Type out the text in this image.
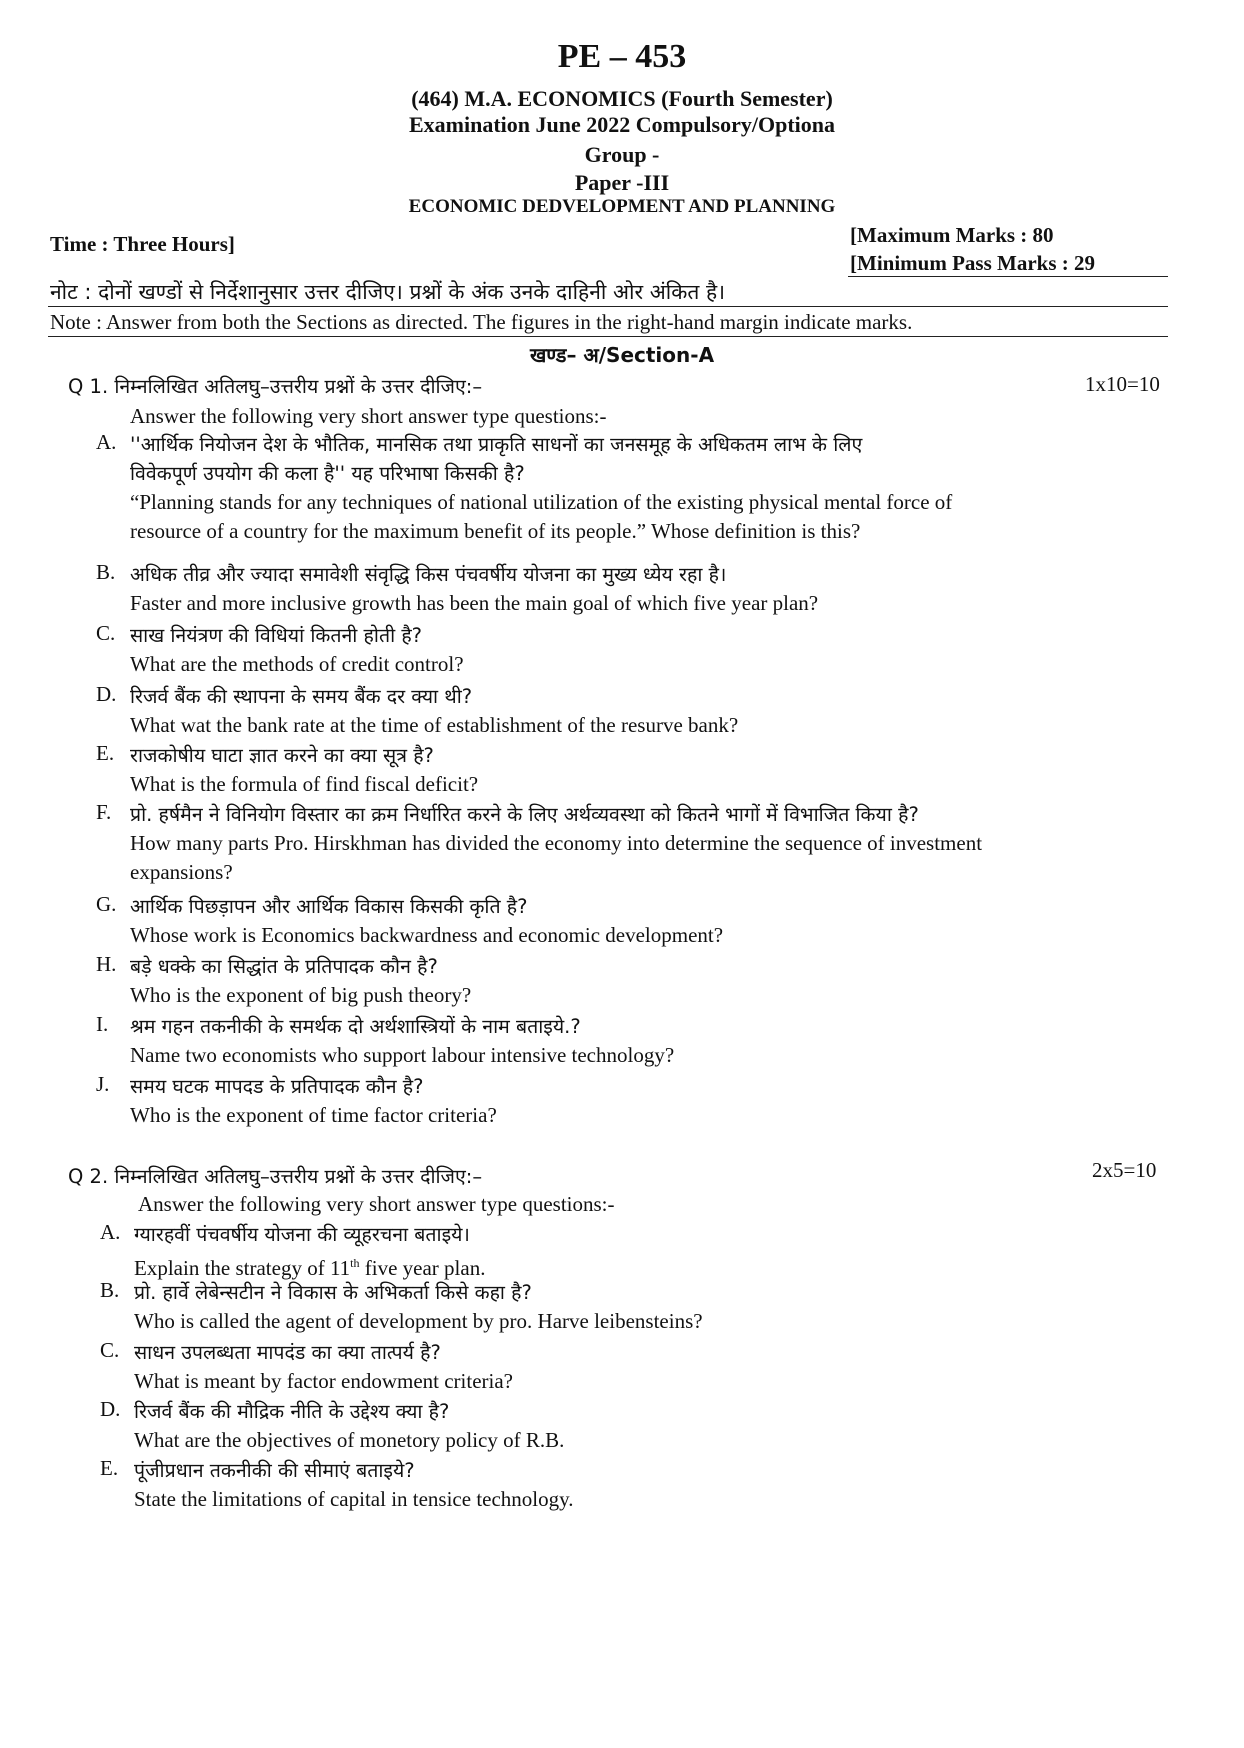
PE – 453
(464) M.A. ECONOMICS (Fourth Semester)
Examination June 2022 Compulsory/Optiona
Group -
Paper -III
ECONOMIC DEDVELOPMENT AND PLANNING
Time : Three Hours]	[Maximum Marks : 80
[Minimum Pass Marks : 29
नोट : दोनों खण्डों से निर्देशानुसार उत्तर दीजिए। प्रश्नों के अंक उनके दाहिनी ओर अंकित है।
Note : Answer from both the Sections as directed. The figures in the right-hand margin indicate marks.
खण्ड– अ/Section-A
Q 1. निम्नलिखित अतिलघु–उत्तरीय प्रश्नों के उत्तर दीजिए:–	1x10=10
Answer the following very short answer type questions:-
A. ''आर्थिक नियोजन देश के भौतिक, मानसिक तथा प्राकृति साधनों का जनसमूह के अधिकतम लाभ के लिए
विवेकपूर्ण उपयोग की कला है'' यह परिभाषा किसकी है?
“Planning stands for any techniques of national utilization of the existing physical mental force of
resource of a country for the maximum benefit of its people.” Whose definition is this?
B. अधिक तीव्र और ज्यादा समावेशी संवृद्धि किस पंचवर्षीय योजना का मुख्य ध्येय रहा है।
Faster and more inclusive growth has been the main goal of which five year plan?
C. साख नियंत्रण की विधियां कितनी होती है?
What are the methods of credit control?
D. रिजर्व बैंक की स्थापना के समय बैंक दर क्या थी?
What wat the bank rate at the time of establishment of the resurve bank?
E. राजकोषीय घाटा ज्ञात करने का क्या सूत्र है?
What is the formula of find fiscal deficit?
F. प्रो. हर्षमैन ने विनियोग विस्तार का क्रम निर्धारित करने के लिए अर्थव्यवस्था को कितने भागों में विभाजित किया है?
How many parts Pro. Hirskhman has divided the economy into determine the sequence of investment
expansions?
G. आर्थिक पिछड़ापन और आर्थिक विकास किसकी कृति है?
Whose work is Economics backwardness and economic development?
H. बड़े धक्के का सिद्धांत के प्रतिपादक कौन है?
Who is the exponent of big push theory?
I.	श्रम गहन तकनीकी के समर्थक दो अर्थशास्त्रियों के नाम बताइये.?
Name two economists who support labour intensive technology?
J.	समय घटक मापदड के प्रतिपादक कौन है?
Who is the exponent of time factor criteria?
Q 2. निम्नलिखित अतिलघु–उत्तरीय प्रश्नों के उत्तर दीजिए:–	2x5=10
Answer the following very short answer type questions:-
A. ग्यारहवीं पंचवर्षीय योजना की व्यूहरचना बताइये।
Explain the strategy of 11th five year plan.
B. प्रो. हार्वे लेबेन्सटीन ने विकास के अभिकर्ता किसे कहा है?
Who is called the agent of development by pro. Harve leibensteins?
C. साधन उपलब्धता मापदंड का क्या तात्पर्य है?
What is meant by factor endowment criteria?
D. रिजर्व बैंक की मौद्रिक नीति के उद्देश्य क्या है?
What are the objectives of monetory policy of R.B.
E. पूंजीप्रधान तकनीकी की सीमाएं बताइये?
State the limitations of capital in tensice technology.
